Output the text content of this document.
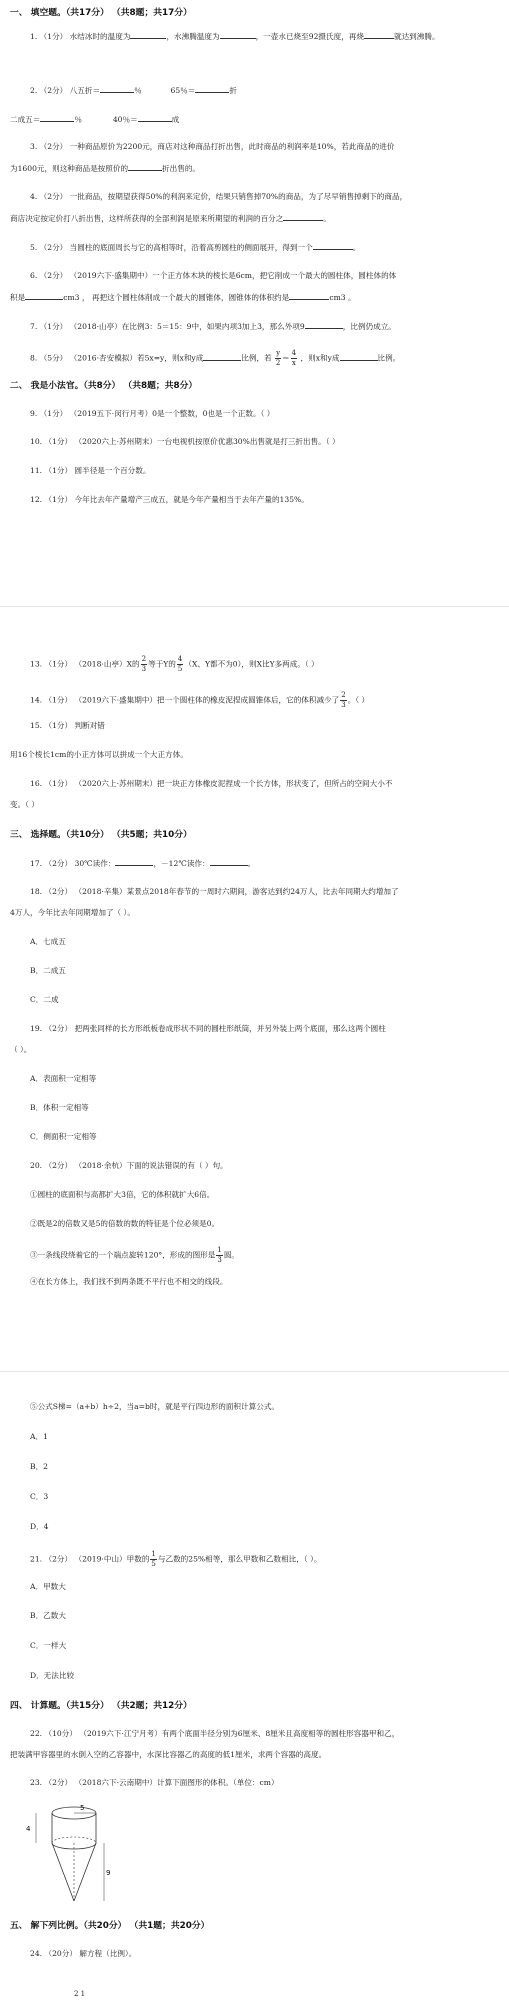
一、 填空题。（共17分） （共8题；共17分）
1. （1分） 水结冰时的温度为	，水沸腾温度为	，一壶水已烧至92摄氏度，再烧	就达到沸腾。
2. （2分） 八五折＝	％	65％＝	折
二成五＝	％	40％＝	成
3. （2分） 一种商品原价为2200元，商店对这种商品打折出售，此时商品的利润率是10%，若此商品的进价
为1600元，则这种商品是按照价的	折出售的。
4. （2分） 一批商品，按期望获得50%的利润来定价，结果只销售掉70%的商品，为了尽早销售掉剩下的商品，
商店决定按定价打八折出售，这样所获得的全部利润是原来所期望的利润的百分之	。
5. （2分） 当圆柱的底面周长与它的高相等时，沿着高剪圆柱的侧面展开，得到一个	。
6. （2分） （2019六下·盛集期中）一个正方体木块的棱长是6cm，把它削成一个最大的圆柱体，圆柱体的体
积是	cm3 ， 再把这个圆柱体削成一个最大的圆锥体，圆锥体的体积约是	cm3 。
7. （1分） （2018·山亭）在比例3：5＝15：9中，如果内项3加上3，那么外项9	，比例仍成立。
8. （5分） （2016·杏安模拟）若5x=y，则x和y成	比例，若 $\frac{y}{2} = \frac{4}{x}$ ，则x和y成	比例。
二、 我是小法官。（共8分） （共8题；共8分）
9. （1分） （2019五下·闵行月考）0是一个整数，0也是一个正数。（ ）
10. （1分） （2020六上·苏州期末）一台电视机按原价优惠30%出售就是打三折出售。（ ）
11. （1分） 圆半径是一个百分数。
12. （1分） 今年比去年产量增产三成五，就是今年产量相当于去年产量的135%。
13. （1分） （2018·山亭）X的 $\frac{2}{3}$ 等于Y的 $\frac{4}{5} (X$、Y都不为0），则X比Y多两成。（ ）
14. （1分） （2019六下·盛集期中）把一个圆柱体的橡皮泥捏成圆锥体后，它的体积减少了 $\frac{2}{3}$ 。（ ）
15. （1分） 判断对错
用16个棱长1cm的小正方体可以拼成一个大正方体。
16. （1分） （2020六上·苏州期末）把一块正方体橡皮泥捏成一个长方体，形状变了，但所占的空间大小不
变。（ ）
三、 选择题。（共10分） （共5题；共10分）
17. （2分） 30℃读作：	，－12℃读作：	。
18. （2分） （2018·辛集）某景点2018年春节的一周时六期间，游客达到约24万人，比去年同期大约增加了
4万人，今年比去年同期增加了（ ）。
A．七成五
B．二成五
C．二成
19. （2分） 把两张同样的长方形纸板卷成形状不同的圆柱形纸筒，并另外装上两个底面，那么这两个圆柱
（ ）。
A．表面积一定相等
B．体积一定相等
C．侧面积一定相等
20. （2分） （2018·余杭）下面的说法错误的有（ ）句。
①圆柱的底面积与高都扩大3倍，它的体积就扩大6倍。
②既是2的倍数又是5的倍数的数的特征是个位必须是0。
③一条线段绕着它的一个端点旋转120°，形成的图形是 $\frac{1}{3}$ 圆。
④在长方体上，我们找不到两条既不平行也不相交的线段。
⑤公式S梯=（a+b）h÷2，当a=b时，就是平行四边形的面积计算公式。
A．1
B．2
C．3
D．4
21. （2分） （2019·中山）甲数的 $\frac{1}{5}$ 与乙数的25%相等，那么甲数和乙数相比，（ ）。
A．甲数大
B．乙数大
C．一样大
D．无法比较
四、 计算题。（共15分） （共2题；共12分）
22. （10分） （2019六下·江宁月考）有两个底面半径分别为6厘米、8厘米且高度相等的圆柱形容器甲和乙，
把装满甲容器里的水倒入空的乙容器中，水深比容器乙的高度的低1厘米，求两个容器的高度。
23. （2分） （2018六下·云南期中）计算下面图形的体积。（单位：cm）
5
4
9
五、 解下列比例。（共20分） （共1题；共20分）
24. （20分） 解方程（比例）。
2 1
